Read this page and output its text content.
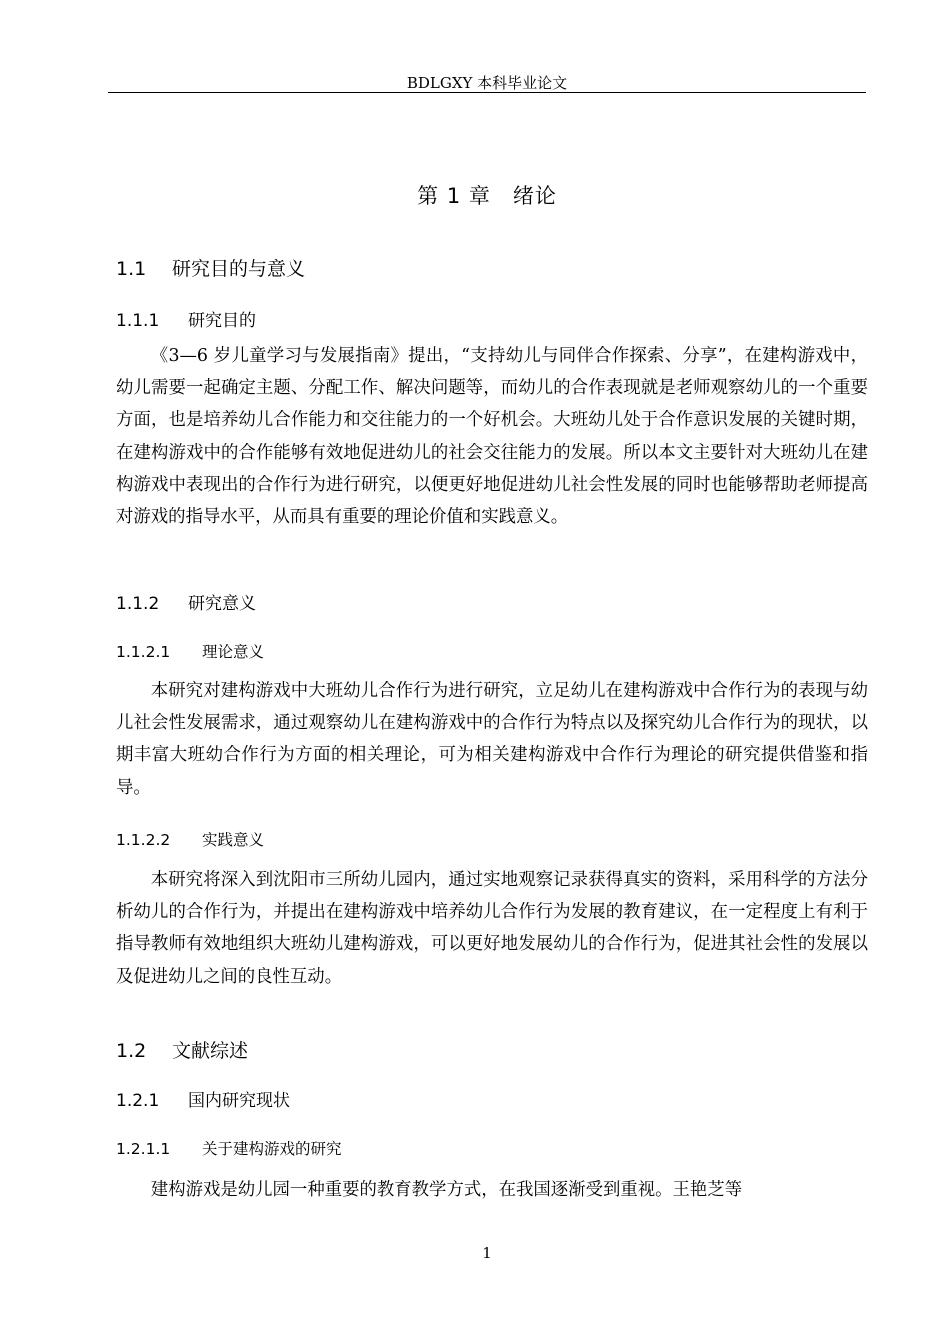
BDLGXY 本科毕业论文
第 1 章　绪论
1.1 研究目的与意义
1.1.1 研究目的
《3—6 岁儿童学习与发展指南》提出，“支持幼儿与同伴合作探索、分享”，在建构游戏中，幼儿需要一起确定主题、分配工作、解决问题等，而幼儿的合作表现就是老师观察幼儿的一个重要方面，也是培养幼儿合作能力和交往能力的一个好机会。大班幼儿处于合作意识发展的关键时期，在建构游戏中的合作能够有效地促进幼儿的社会交往能力的发展。所以本文主要针对大班幼儿在建构游戏中表现出的合作行为进行研究，以便更好地促进幼儿社会性发展的同时也能够帮助老师提高对游戏的指导水平，从而具有重要的理论价值和实践意义。
1.1.2 研究意义
1.1.2.1 理论意义
本研究对建构游戏中大班幼儿合作行为进行研究，立足幼儿在建构游戏中合作行为的表现与幼儿社会性发展需求，通过观察幼儿在建构游戏中的合作行为特点以及探究幼儿合作行为的现状，以期丰富大班幼合作行为方面的相关理论，可为相关建构游戏中合作行为理论的研究提供借鉴和指导。
1.1.2.2 实践意义
本研究将深入到沈阳市三所幼儿园内，通过实地观察记录获得真实的资料，采用科学的方法分析幼儿的合作行为，并提出在建构游戏中培养幼儿合作行为发展的教育建议，在一定程度上有利于指导教师有效地组织大班幼儿建构游戏，可以更好地发展幼儿的合作行为，促进其社会性的发展以及促进幼儿之间的良性互动。
1.2 文献综述
1.2.1 国内研究现状
1.2.1.1 关于建构游戏的研究
建构游戏是幼儿园一种重要的教育教学方式，在我国逐渐受到重视。王艳芝等
1
